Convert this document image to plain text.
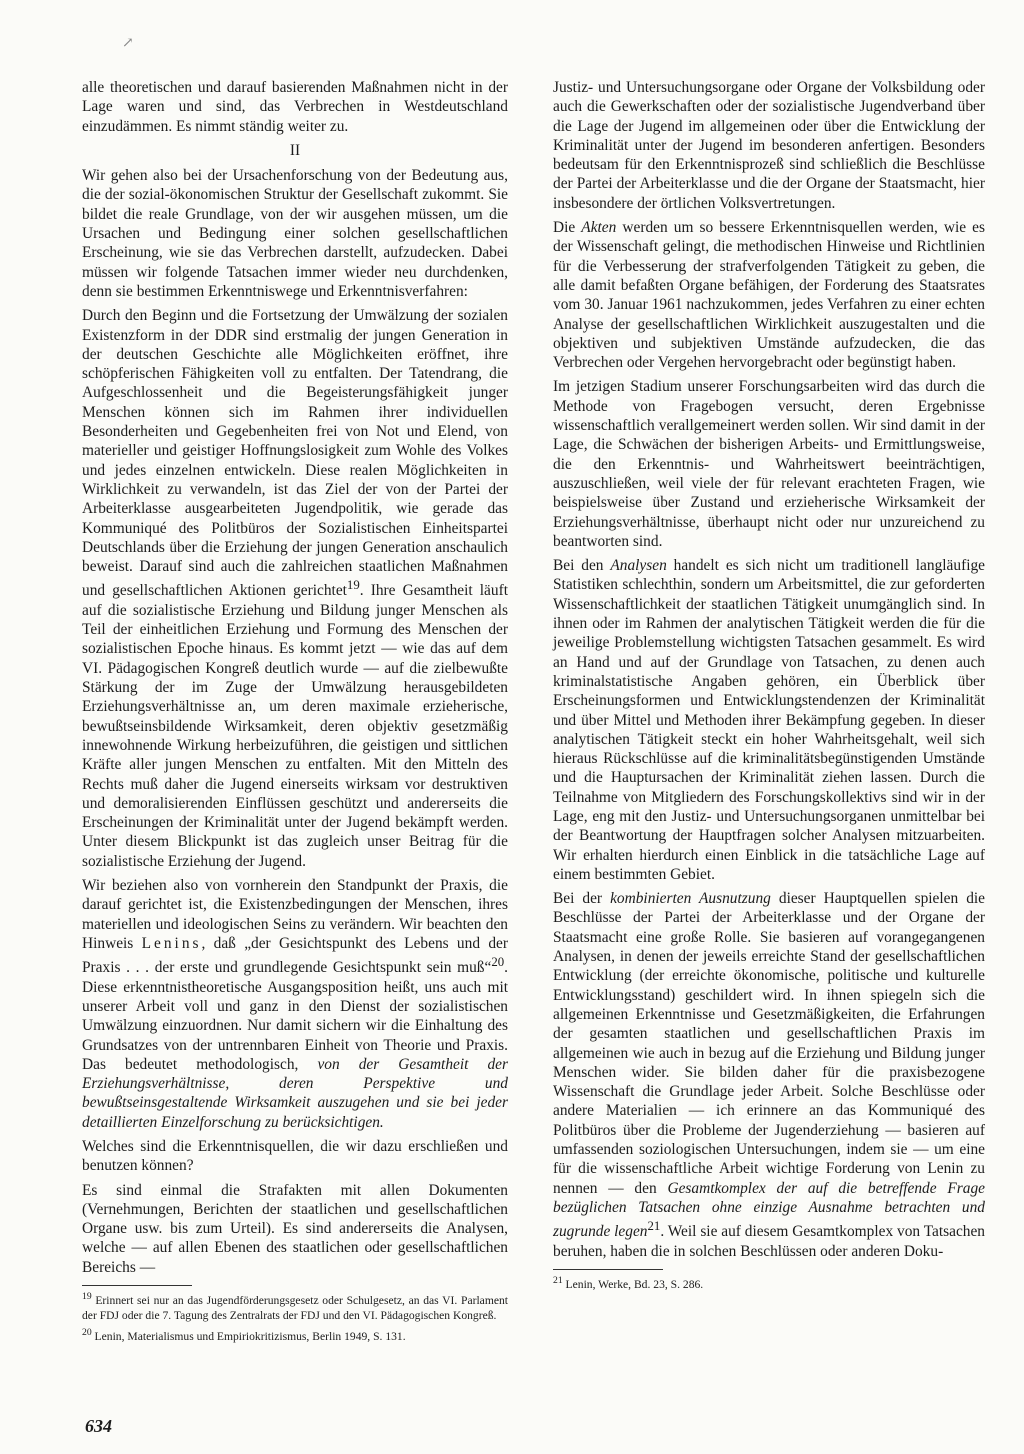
↗

alle theoretischen und darauf basierenden Maßnahmen nicht in der Lage waren und sind, das Verbrechen in Westdeutschland einzudämmen. Es nimmt ständig weiter zu.

II

Wir gehen also bei der Ursachenforschung von der Bedeutung aus, die der sozial-ökonomischen Struktur der Gesellschaft zukommt. Sie bildet die reale Grundlage, von der wir ausgehen müssen, um die Ursachen und Bedingung einer solchen gesellschaftlichen Erscheinung, wie sie das Verbrechen darstellt, aufzudecken. Dabei müssen wir folgende Tatsachen immer wieder neu durchdenken, denn sie bestimmen Erkenntniswege und Erkenntnisverfahren:

Durch den Beginn und die Fortsetzung der Umwälzung der sozialen Existenzform in der DDR sind erstmalig der jungen Generation in der deutschen Geschichte alle Möglichkeiten eröffnet, ihre schöpferischen Fähigkeiten voll zu entfalten. Der Tatendrang, die Aufgeschlossenheit und die Begeisterungsfähigkeit junger Menschen können sich im Rahmen ihrer individuellen Besonderheiten und Gegebenheiten frei von Not und Elend, von materieller und geistiger Hoffnungslosigkeit zum Wohle des Volkes und jedes einzelnen entwickeln. Diese realen Möglichkeiten in Wirklichkeit zu verwandeln, ist das Ziel der von der Partei der Arbeiterklasse ausgearbeiteten Jugendpolitik, wie gerade das Kommuniqué des Politbüros der Sozialistischen Einheitspartei Deutschlands über die Erziehung der jungen Generation anschaulich beweist. Darauf sind auch die zahlreichen staatlichen Maßnahmen und gesellschaftlichen Aktionen gerichtet$^{19}$. Ihre Gesamtheit läuft auf die sozialistische Erziehung und Bildung junger Menschen als Teil der einheitlichen Erziehung und Formung des Menschen der sozialistischen Epoche hinaus. Es kommt jetzt — wie das auf dem VI. Pädagogischen Kongreß deutlich wurde — auf die zielbewußte Stärkung der im Zuge der Umwälzung herausgebildeten Erziehungsverhältnisse an, um deren maximale erzieherische, bewußtseinsbildende Wirksamkeit, deren objektiv gesetzmäßig innewohnende Wirkung herbeizuführen, die geistigen und sittlichen Kräfte aller jungen Menschen zu entfalten. Mit den Mitteln des Rechts muß daher die Jugend einerseits wirksam vor destruktiven und demoralisierenden Einflüssen geschützt und andererseits die Erscheinungen der Kriminalität unter der Jugend bekämpft werden. Unter diesem Blickpunkt ist das zugleich unser Beitrag für die sozialistische Erziehung der Jugend.

Wir beziehen also von vornherein den Standpunkt der Praxis, die darauf gerichtet ist, die Existenzbedingungen der Menschen, ihres materiellen und ideologischen Seins zu verändern. Wir beachten den Hinweis Lenins, daß „der Gesichtspunkt des Lebens und der Praxis . . . der erste und grundlegende Gesichtspunkt sein muß“$^{20}$. Diese erkenntnistheoretische Ausgangsposition heißt, uns auch mit unserer Arbeit voll und ganz in den Dienst der sozialistischen Umwälzung einzuordnen. Nur damit sichern wir die Einhaltung des Grundsatzes von der untrennbaren Einheit von Theorie und Praxis. Das bedeutet methodologisch, von der Gesamtheit der Erziehungsverhältnisse, deren Perspektive und bewußtseinsgestaltende Wirksamkeit auszugehen und sie bei jeder detaillierten Einzelforschung zu berücksichtigen.

Welches sind die Erkenntnisquellen, die wir dazu erschließen und benutzen können?

Es sind einmal die Strafakten mit allen Dokumenten (Vernehmungen, Berichten der staatlichen und gesellschaftlichen Organe usw. bis zum Urteil). Es sind andererseits die Analysen, welche — auf allen Ebenen des staatlichen oder gesellschaftlichen Bereichs —

$^{19}$ Erinnert sei nur an das Jugendförderungsgesetz oder Schulgesetz, an das VI. Parlament der FDJ oder die 7. Tagung des Zentralrats der FDJ und den VI. Pädagogischen Kongreß.

$^{20}$ Lenin, Materialismus und Empiriokritizismus, Berlin 1949, S. 131.

Justiz- und Untersuchungsorgane oder Organe der Volksbildung oder auch die Gewerkschaften oder der sozialistische Jugendverband über die Lage der Jugend im allgemeinen oder über die Entwicklung der Kriminalität unter der Jugend im besonderen anfertigen. Besonders bedeutsam für den Erkenntnisprozeß sind schließlich die Beschlüsse der Partei der Arbeiterklasse und die der Organe der Staatsmacht, hier insbesondere der örtlichen Volksvertretungen.

Die Akten werden um so bessere Erkenntnisquellen werden, wie es der Wissenschaft gelingt, die methodischen Hinweise und Richtlinien für die Verbesserung der strafverfolgenden Tätigkeit zu geben, die alle damit befaßten Organe befähigen, der Forderung des Staatsrates vom 30. Januar 1961 nachzukommen, jedes Verfahren zu einer echten Analyse der gesellschaftlichen Wirklichkeit auszugestalten und die objektiven und subjektiven Umstände aufzudecken, die das Verbrechen oder Vergehen hervorgebracht oder begünstigt haben.

Im jetzigen Stadium unserer Forschungsarbeiten wird das durch die Methode von Fragebogen versucht, deren Ergebnisse wissenschaftlich verallgemeinert werden sollen. Wir sind damit in der Lage, die Schwächen der bisherigen Arbeits- und Ermittlungsweise, die den Erkenntnis- und Wahrheitswert beeinträchtigen, auszuschließen, weil viele der für relevant erachteten Fragen, wie beispielsweise über Zustand und erzieherische Wirksamkeit der Erziehungsverhältnisse, überhaupt nicht oder nur unzureichend zu beantworten sind.

Bei den Analysen handelt es sich nicht um traditionell langläufige Statistiken schlechthin, sondern um Arbeitsmittel, die zur geforderten Wissenschaftlichkeit der staatlichen Tätigkeit unumgänglich sind. In ihnen oder im Rahmen der analytischen Tätigkeit werden die für die jeweilige Problemstellung wichtigsten Tatsachen gesammelt. Es wird an Hand und auf der Grundlage von Tatsachen, zu denen auch kriminalstatistische Angaben gehören, ein Überblick über Erscheinungsformen und Entwicklungstendenzen der Kriminalität und über Mittel und Methoden ihrer Bekämpfung gegeben. In dieser analytischen Tätigkeit steckt ein hoher Wahrheitsgehalt, weil sich hieraus Rückschlüsse auf die kriminalitätsbegünstigenden Umstände und die Hauptursachen der Kriminalität ziehen lassen. Durch die Teilnahme von Mitgliedern des Forschungskollektivs sind wir in der Lage, eng mit den Justiz- und Untersuchungsorganen unmittelbar bei der Beantwortung der Hauptfragen solcher Analysen mitzuarbeiten. Wir erhalten hierdurch einen Einblick in die tatsächliche Lage auf einem bestimmten Gebiet.

Bei der kombinierten Ausnutzung dieser Hauptquellen spielen die Beschlüsse der Partei der Arbeiterklasse und der Organe der Staatsmacht eine große Rolle. Sie basieren auf vorangegangenen Analysen, in denen der jeweils erreichte Stand der gesellschaftlichen Entwicklung (der erreichte ökonomische, politische und kulturelle Entwicklungsstand) geschildert wird. In ihnen spiegeln sich die allgemeinen Erkenntnisse und Gesetzmäßigkeiten, die Erfahrungen der gesamten staatlichen und gesellschaftlichen Praxis im allgemeinen wie auch in bezug auf die Erziehung und Bildung junger Menschen wider. Sie bilden daher für die praxisbezogene Wissenschaft die Grundlage jeder Arbeit. Solche Beschlüsse oder andere Materialien — ich erinnere an das Kommuniqué des Politbüros über die Probleme der Jugenderziehung — basieren auf umfassenden soziologischen Untersuchungen, indem sie — um eine für die wissenschaftliche Arbeit wichtige Forderung von Lenin zu nennen — den Gesamtkomplex der auf die betreffende Frage bezüglichen Tatsachen ohne einzige Ausnahme betrachten und zugrunde legen$^{21}$. Weil sie auf diesem Gesamtkomplex von Tatsachen beruhen, haben die in solchen Beschlüssen oder anderen Doku-

$^{21}$ Lenin, Werke, Bd. 23, S. 286.

634
